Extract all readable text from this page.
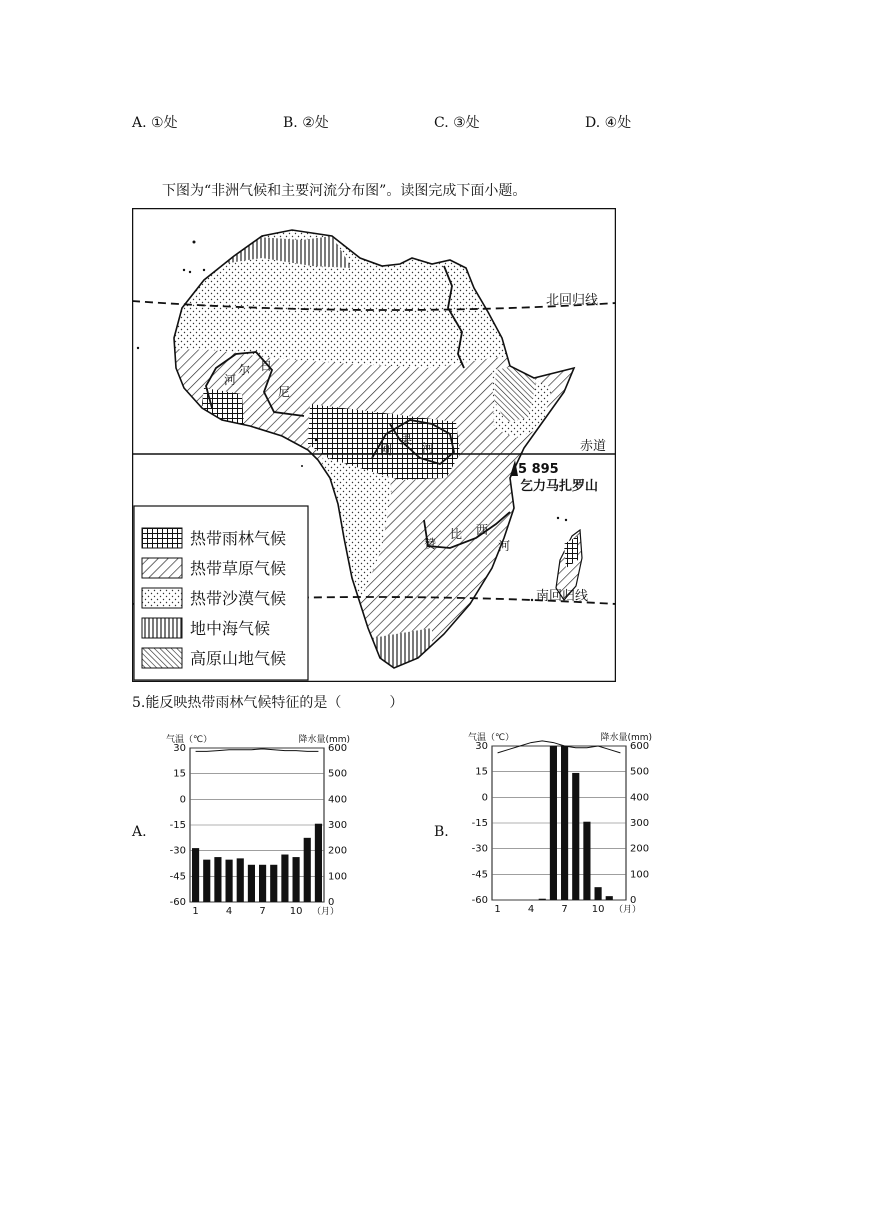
A. ①处	B. ②处	C. ③处	D. ④处
下图为“非洲气候和主要河流分布图”。读图完成下面小题。
北回归线
赤道
南回归线
5 895
乞力马扎罗山
河
尔 日
尼
刚
果
河
赞
比 西
河
热带雨林气候
热带草原气候
热带沙漠气候
地中海气候
高原山地气候
5.能反映热带雨林气候特征的是（	）
A.
30
15
0
-15
-30
-45
-60
600
500
400
300
200
100
0
1	4	7 10 （月）
气温（℃）	降水量(mm)
B.
30
15
0
-15
-30
-45
-60
600
500
400
300
200
100
0
1	4	7 10 （月）
气温（℃）	降水量(mm)
